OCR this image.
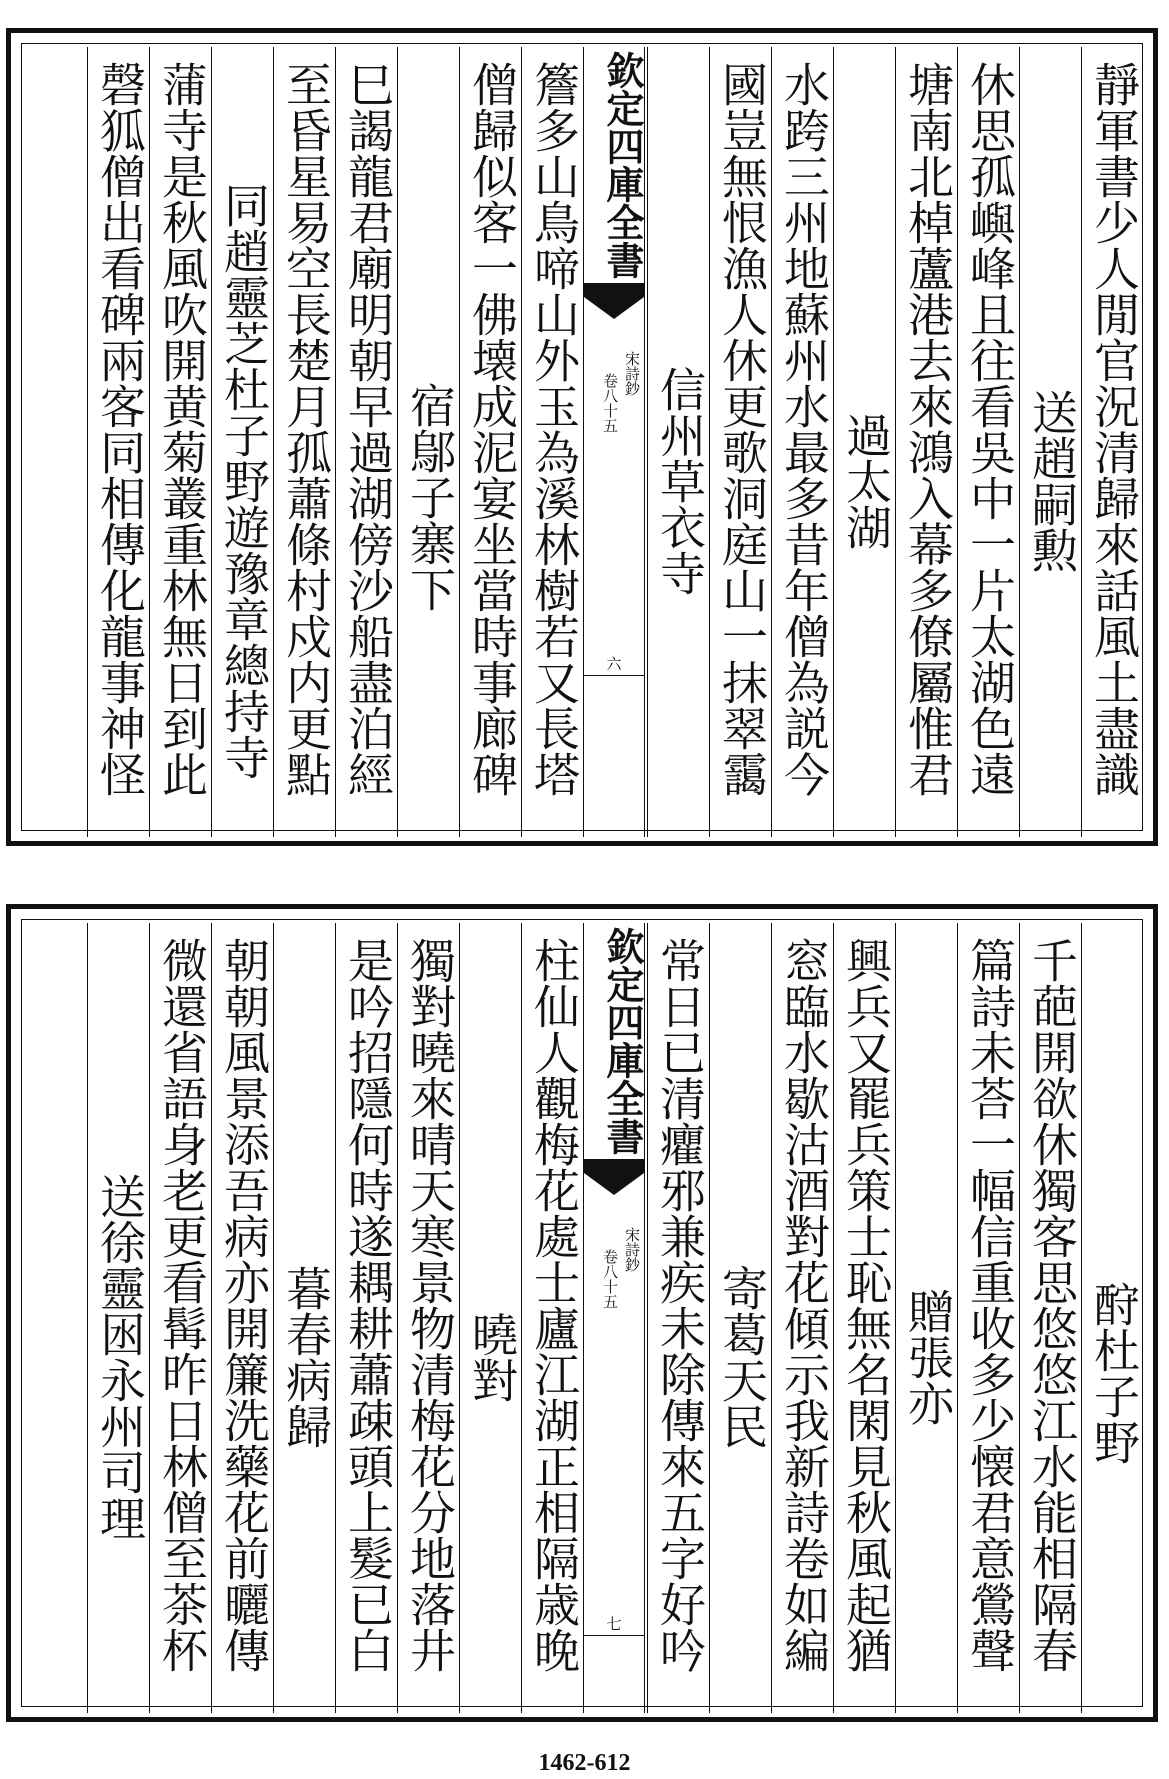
靜軍書少人閒官況清歸來話風土盡識
送趙嗣勲
休思孤嶼峰且往看吳中一片太湖色遠
塘南北棹蘆港去來鴻入幕多僚屬惟君
過太湖
水跨三州地蘇州水最多昔年僧為説今
國豈無恨漁人休更歌洞庭山一抹翠靄
信州草衣寺
欽定四庫全書
宋詩鈔
卷八十五
六
簷多山鳥啼山外玉為溪林樹若又長塔
僧歸似客一佛壊成泥宴坐當時事廊碑
宿鄔子寨下
巳謁龍君廟明朝早過湖傍沙船盡泊經
至昏星易空長楚月孤蕭條村戍内更點
同趙靈芝杜子野遊豫章總持寺
蒲寺是秋風吹開黄菊叢重林無日到此
磬狐僧出看碑兩客同相傳化龍事神怪
酧杜子野
千葩開欲休獨客思悠悠江水能相隔春
篇詩未荅一幅信重收多少懐君意鶯聲
贈張亦
興兵又罷兵策士恥無名閑見秋風起猶
窓臨水歇沽酒對花傾示我新詩卷如編
寄葛天民
常日已清癯邪兼疾未除傳來五字好吟
欽定四庫全書
宋詩鈔
卷八十五
七
柱仙人觀梅花處士廬江湖正相隔歳晚
曉對
獨對曉來晴天寒景物清梅花分地落井
是吟招隱何時遂耦耕蕭疎頭上髮已白
暮春病歸
朝朝風景添吾病亦開簾洗藥花前曬傳
微還省語身老更看髯昨日林僧至茶杯
送徐靈囦永州司理
1462-612
